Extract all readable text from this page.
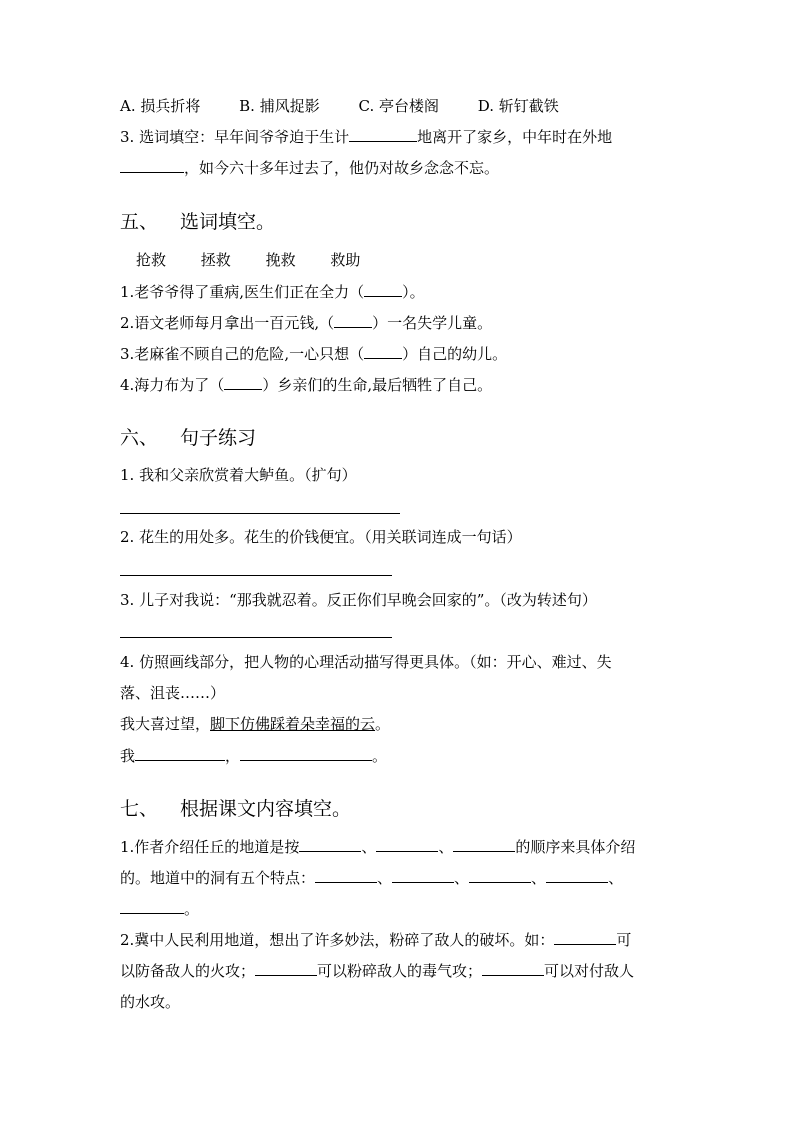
A. 损兵折将	B. 捕风捉影	C. 亭台楼阁	D. 斩钉截铁
3. 选词填空：早年间爷爷迫于生计	地离开了家乡，中年时在外地
，如今六十多年过去了，他仍对故乡念念不忘。
五、 选词填空。
抢救 拯救 挽救 救助
1.老爷爷得了重病,医生们正在全力（	）。
2.语文老师每月拿出一百元钱,（	）一名失学儿童。
3.老麻雀不顾自己的危险,一心只想（	）自己的幼儿。
4.海力布为了（	）乡亲们的生命,最后牺牲了自己。
六、 句子练习
1. 我和父亲欣赏着大鲈鱼。（扩句）
2. 花生的用处多。花生的价钱便宜。（用关联词连成一句话）
3. 儿子对我说：“那我就忍着。反正你们早晚会回家的”。（改为转述句）
4. 仿照画线部分，把人物的心理活动描写得更具体。（如：开心、难过、失
落、沮丧……）
我大喜过望，脚下仿佛踩着朵幸福的云。
我	，	。
七、 根据课文内容填空。
1.作者介绍任丘的地道是按	、	、	的顺序来具体介绍
的。地道中的洞有五个特点：	、	、	、	、
。
2.冀中人民利用地道，想出了许多妙法，粉碎了敌人的破坏。如：	可
以防备敌人的火攻；	可以粉碎敌人的毒气攻；	可以对付敌人
的水攻。
